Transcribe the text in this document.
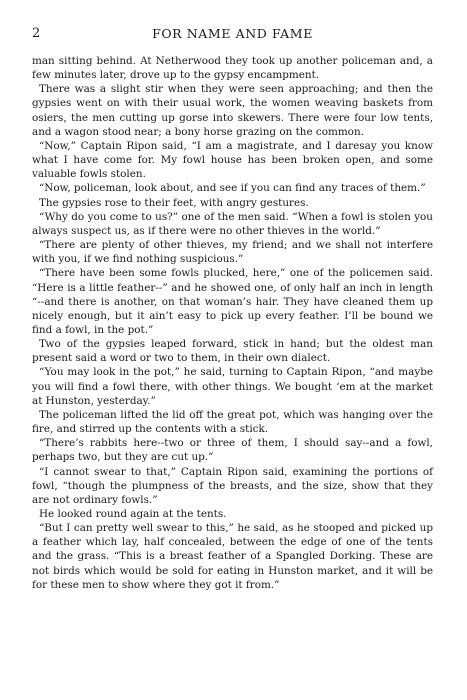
2	FOR NAME AND FAME

man sitting behind. At Netherwood they took up another policeman and, a few minutes later, drove up to the gypsy encampment.

There was a slight stir when they were seen approaching; and then the gypsies went on with their usual work, the women weaving baskets from osiers, the men cutting up gorse into skewers. There were four low tents, and a wagon stood near; a bony horse grazing on the common.

“Now,” Captain Ripon said, “I am a magistrate, and I daresay you know what I have come for. My fowl house has been broken open, and some valuable fowls stolen.

“Now, policeman, look about, and see if you can find any traces of them.”

The gypsies rose to their feet, with angry gestures.

“Why do you come to us?” one of the men said. “When a fowl is stolen you always suspect us, as if there were no other thieves in the world.”

“There are plenty of other thieves, my friend; and we shall not interfere with you, if we find nothing suspicious.”

“There have been some fowls plucked, here,” one of the policemen said. “Here is a little feather--” and he showed one, of only half an inch in length “--and there is another, on that woman’s hair. They have cleaned them up nicely enough, but it ain’t easy to pick up every feather. I’ll be bound we find a fowl, in the pot.”

Two of the gypsies leaped forward, stick in hand; but the oldest man present said a word or two to them, in their own dialect.

“You may look in the pot,” he said, turning to Captain Ripon, “and maybe you will find a fowl there, with other things. We bought ‘em at the market at Hunston, yesterday.”

The policeman lifted the lid off the great pot, which was hanging over the fire, and stirred up the contents with a stick.

“There’s rabbits here--two or three of them, I should say--and a fowl, perhaps two, but they are cut up.”

“I cannot swear to that,” Captain Ripon said, examining the portions of fowl, “though the plumpness of the breasts, and the size, show that they are not ordinary fowls.”

He looked round again at the tents.

“But I can pretty well swear to this,” he said, as he stooped and picked up a feather which lay, half concealed, between the edge of one of the tents and the grass. “This is a breast feather of a Spangled Dorking. These are not birds which would be sold for eating in Hunston market, and it will be for these men to show where they got it from.”
